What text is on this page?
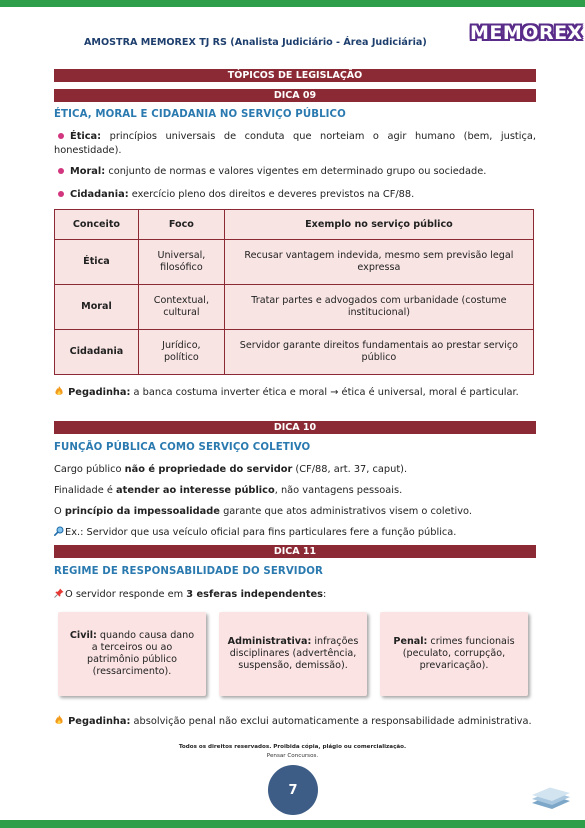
AMOSTRA MEMOREX TJ RS (Analista Judiciário - Área Judiciária) MEMOREX
TÓPICOS DE LEGISLAÇÃO
DICA 09
ÉTICA, MORAL E CIDADANIA NO SERVIÇO PÚBLICO
Ética: princípios universais de conduta que norteiam o agir humano (bem, justiça, honestidade).
Moral: conjunto de normas e valores vigentes em determinado grupo ou sociedade.
Cidadania: exercício pleno dos direitos e deveres previstos na CF/88.
Conceito	Foco	Exemplo no serviço público
Ética	Universal, filosófico	Recusar vantagem indevida, mesmo sem previsão legal expressa
Moral	Contextual, cultural	Tratar partes e advogados com urbanidade (costume institucional)
Cidadania	Jurídico, político	Servidor garante direitos fundamentais ao prestar serviço público
Pegadinha: a banca costuma inverter ética e moral → ética é universal, moral é particular.
DICA 10
FUNÇÃO PÚBLICA COMO SERVIÇO COLETIVO
Cargo público não é propriedade do servidor (CF/88, art. 37, caput).
Finalidade é atender ao interesse público, não vantagens pessoais.
O princípio da impessoalidade garante que atos administrativos visem o coletivo.
Ex.: Servidor que usa veículo oficial para fins particulares fere a função pública.
DICA 11
REGIME DE RESPONSABILIDADE DO SERVIDOR
O servidor responde em 3 esferas independentes:
Civil: quando causa dano a terceiros ou ao patrimônio público (ressarcimento).
Administrativa: infrações disciplinares (advertência, suspensão, demissão).
Penal: crimes funcionais (peculato, corrupção, prevaricação).
Pegadinha: absolvição penal não exclui automaticamente a responsabilidade administrativa.
Todos os direitos reservados. Proibida cópia, plágio ou comercialização.
Pensar Concursos.
7
